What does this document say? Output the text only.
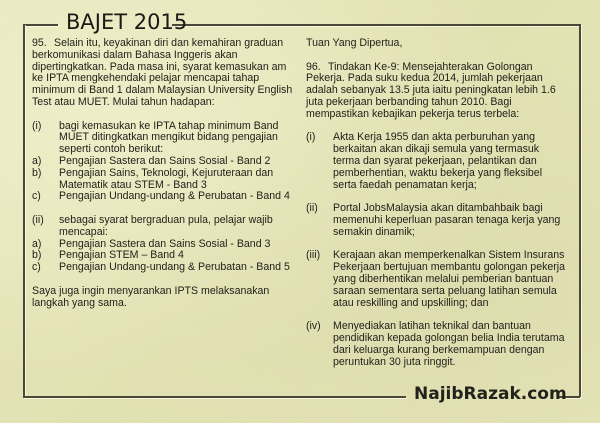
BAJET 2015
NajibRazak.com
95. Selain itu, keyakinan diri dan kemahiran graduan berkomunikasi dalam Bahasa Inggeris akan dipertingkatkan. Pada masa ini, syarat kemasukan am ke IPTA mengkehendaki pelajar mencapai tahap minimum di Band 1 dalam Malaysian University English Test atau MUET. Mulai tahun hadapan:
(i)	bagi kemasukan ke IPTA tahap minimum Band MUET ditingkatkan mengikut bidang pengajian seperti contoh berikut:
a)	Pengajian Sastera dan Sains Sosial - Band 2
b)	Pengajian Sains, Teknologi, Kejuruteraan dan Matematik atau STEM - Band 3
c)	Pengajian Undang-undang & Perubatan - Band 4
(ii)	sebagai syarat bergraduan pula, pelajar wajib mencapai:
a)	Pengajian Sastera dan Sains Sosial - Band 3
b)	Pengajian STEM – Band 4
c)	Pengajian Undang-undang & Perubatan - Band 5
Saya juga ingin menyarankan IPTS melaksanakan langkah yang sama.
Tuan Yang Dipertua,
96. Tindakan Ke-9: Mensejahterakan Golongan Pekerja. Pada suku kedua 2014, jumlah pekerjaan adalah sebanyak 13.5 juta iaitu peningkatan lebih 1.6 juta pekerjaan berbanding tahun 2010. Bagi mempastikan kebajikan pekerja terus terbela:
(i)	Akta Kerja 1955 dan akta perburuhan yang berkaitan akan dikaji semula yang termasuk terma dan syarat pekerjaan, pelantikan dan pemberhentian, waktu bekerja yang fleksibel serta faedah penamatan kerja;
(ii)	Portal JobsMalaysia akan ditambahbaik bagi memenuhi keperluan pasaran tenaga kerja yang semakin dinamik;
(iii)	Kerajaan akan memperkenalkan Sistem Insurans Pekerjaan bertujuan membantu golongan pekerja yang diberhentikan melalui pemberian bantuan saraan sementara serta peluang latihan semula atau reskilling and upskilling; dan
(iv)	Menyediakan latihan teknikal dan bantuan pendidikan kepada golongan belia India terutama dari keluarga kurang berkemampuan dengan peruntukan 30 juta ringgit.
